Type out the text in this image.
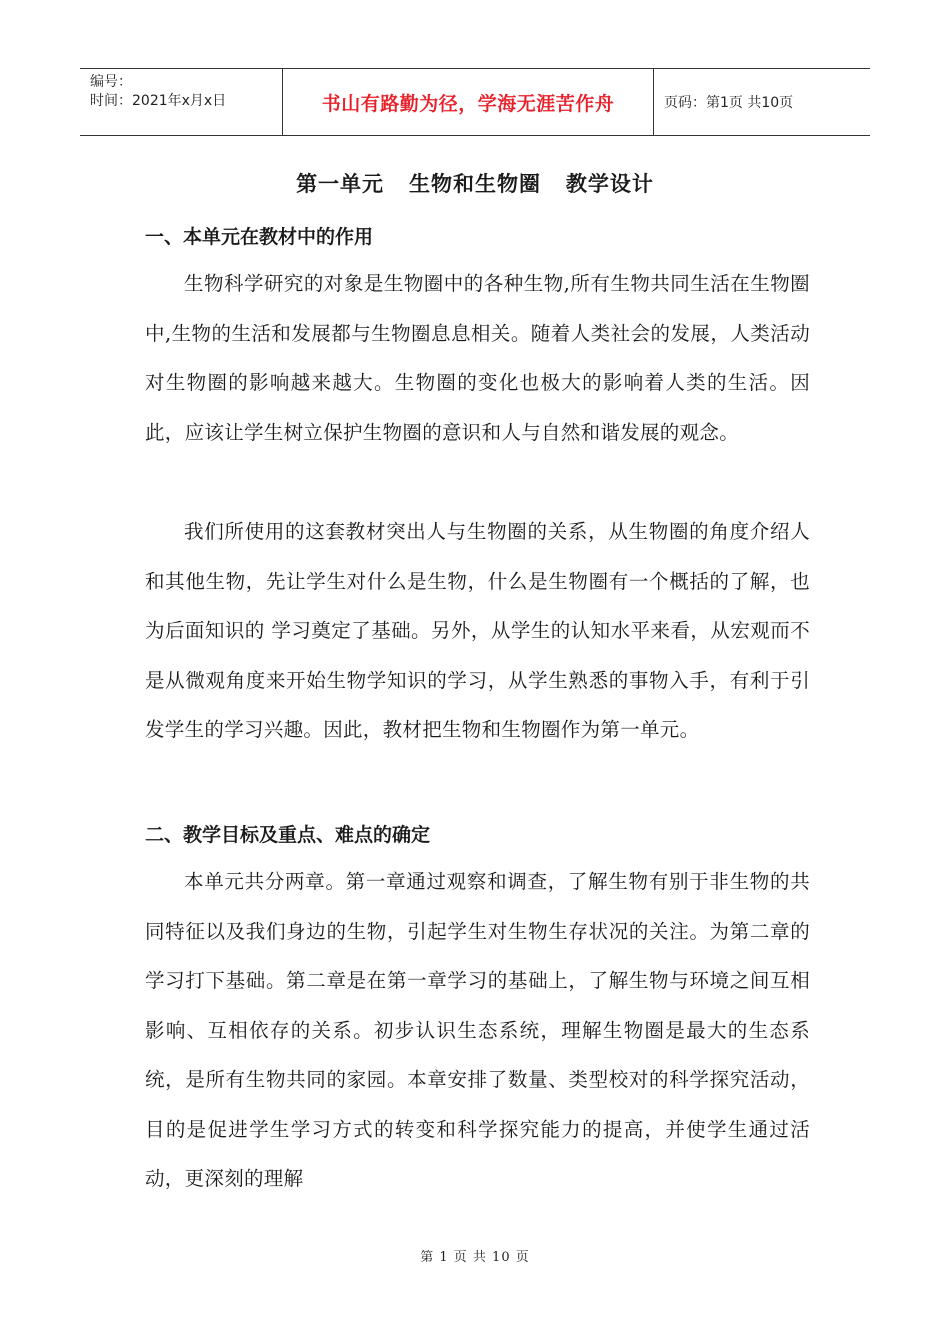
编号：
时间：2021年x月x日	书山有路勤为径，学海无涯苦作舟	页码：第1页 共10页
第一单元   生物和生物圈   教学设计
一、本单元在教材中的作用
生物科学研究的对象是生物圈中的各种生物,所有生物共同生活在生物圈中,生物的生活和发展都与生物圈息息相关。随着人类社会的发展，人类活动对生物圈的影响越来越大。生物圈的变化也极大的影响着人类的生活。因此，应该让学生树立保护生物圈的意识和人与自然和谐发展的观念。
我们所使用的这套教材突出人与生物圈的关系，从生物圈的角度介绍人和其他生物，先让学生对什么是生物，什么是生物圈有一个概括的了解，也为后面知识的 学习奠定了基础。另外，从学生的认知水平来看，从宏观而不是从微观角度来开始生物学知识的学习，从学生熟悉的事物入手，有利于引发学生的学习兴趣。因此，教材把生物和生物圈作为第一单元。
二、教学目标及重点、难点的确定
本单元共分两章。第一章通过观察和调查，了解生物有别于非生物的共同特征以及我们身边的生物，引起学生对生物生存状况的关注。为第二章的学习打下基础。第二章是在第一章学习的基础上，了解生物与环境之间互相影响、互相依存的关系。初步认识生态系统，理解生物圈是最大的生态系统，是所有生物共同的家园。本章安排了数量、类型校对的科学探究活动，目的是促进学生学习方式的转变和科学探究能力的提高，并使学生通过活动，更深刻的理解
第 1 页 共 10 页
